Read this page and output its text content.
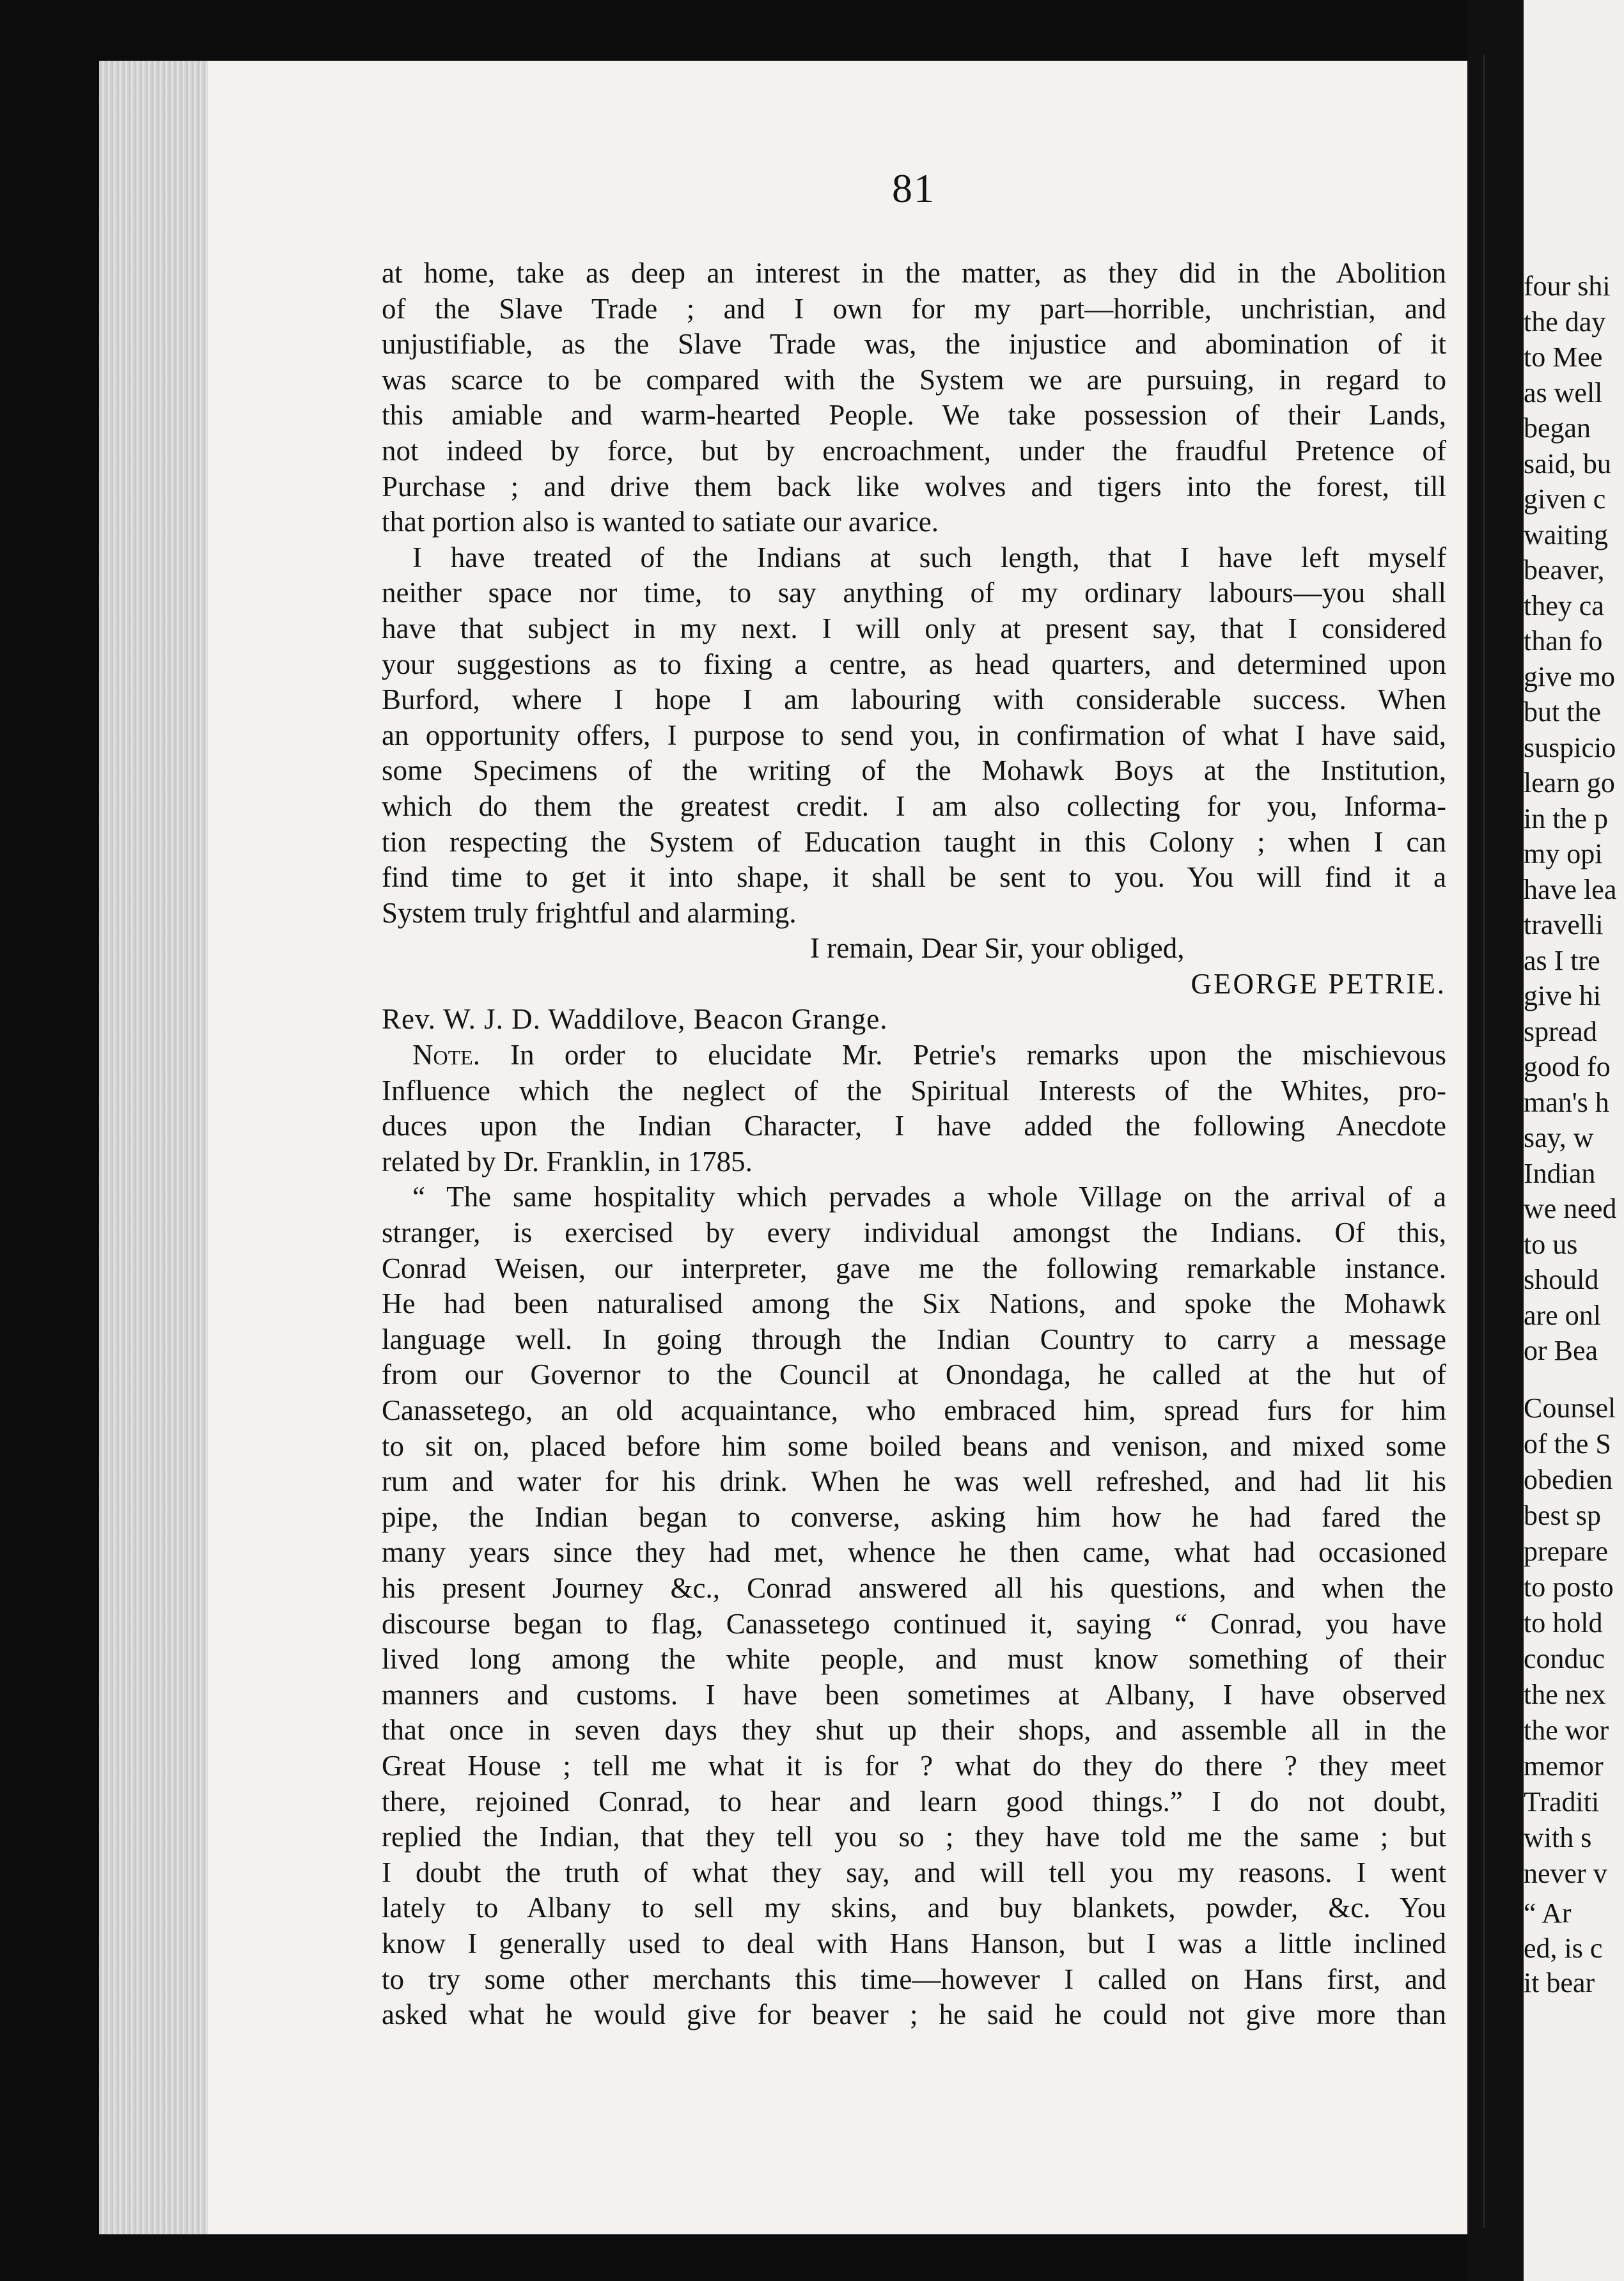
81
at home, take as deep an interest in the matter, as they did in the Abolition
of the Slave Trade ; and I own for my part—horrible, unchristian, and
unjustifiable, as the Slave Trade was, the injustice and abomination of it
was scarce to be compared with the System we are pursuing, in regard to
this amiable and warm-hearted People. We take possession of their Lands,
not indeed by force, but by encroachment, under the fraudful Pretence of
Purchase ; and drive them back like wolves and tigers into the forest, till
that portion also is wanted to satiate our avarice.
I have treated of the Indians at such length, that I have left myself
neither space nor time, to say anything of my ordinary labours—you shall
have that subject in my next. I will only at present say, that I considered
your suggestions as to fixing a centre, as head quarters, and determined upon
Burford, where I hope I am labouring with considerable success. When
an opportunity offers, I purpose to send you, in confirmation of what I have said,
some Specimens of the writing of the Mohawk Boys at the Institution,
which do them the greatest credit. I am also collecting for you, Informa-
tion respecting the System of Education taught in this Colony ; when I can
find time to get it into shape, it shall be sent to you. You will find it a
System truly frightful and alarming.
I remain, Dear Sir, your obliged,
GEORGE PETRIE.
Rev. W. J. D. Waddilove, Beacon Grange.
Note. In order to elucidate Mr. Petrie's remarks upon the mischievous
Influence which the neglect of the Spiritual Interests of the Whites, pro-
duces upon the Indian Character, I have added the following Anecdote
related by Dr. Franklin, in 1785.
“ The same hospitality which pervades a whole Village on the arrival of a
stranger, is exercised by every individual amongst the Indians. Of this,
Conrad Weisen, our interpreter, gave me the following remarkable instance.
He had been naturalised among the Six Nations, and spoke the Mohawk
language well. In going through the Indian Country to carry a message
from our Governor to the Council at Onondaga, he called at the hut of
Canassetego, an old acquaintance, who embraced him, spread furs for him
to sit on, placed before him some boiled beans and venison, and mixed some
rum and water for his drink. When he was well refreshed, and had lit his
pipe, the Indian began to converse, asking him how he had fared the
many years since they had met, whence he then came, what had occasioned
his present Journey &c., Conrad answered all his questions, and when the
discourse began to flag, Canassetego continued it, saying “ Conrad, you have
lived long among the white people, and must know something of their
manners and customs. I have been sometimes at Albany, I have observed
that once in seven days they shut up their shops, and assemble all in the
Great House ; tell me what it is for ? what do they do there ? they meet
there, rejoined Conrad, to hear and learn good things.” I do not doubt,
replied the Indian, that they tell you so ; they have told me the same ; but
I doubt the truth of what they say, and will tell you my reasons. I went
lately to Albany to sell my skins, and buy blankets, powder, &c. You
know I generally used to deal with Hans Hanson, but I was a little inclined
to try some other merchants this time—however I called on Hans first, and
asked what he would give for beaver ; he said he could not give more than
four shi
the day
to Mee
as well
began
said, bu
given c
waiting
beaver,
they ca
than fo
give mo
but the
suspicio
learn go
in the p
my opi
have lea
travelli
as I tre
give hi
spread
good fo
man's h
say, w
Indian
we need
to us
should
are onl
or Bea
Counsel
of the S
obedien
best sp
prepare
to posto
to hold
conduc
the nex
the wor
memor
Traditi
with s
never v
“ Ar
ed, is c
it bear
